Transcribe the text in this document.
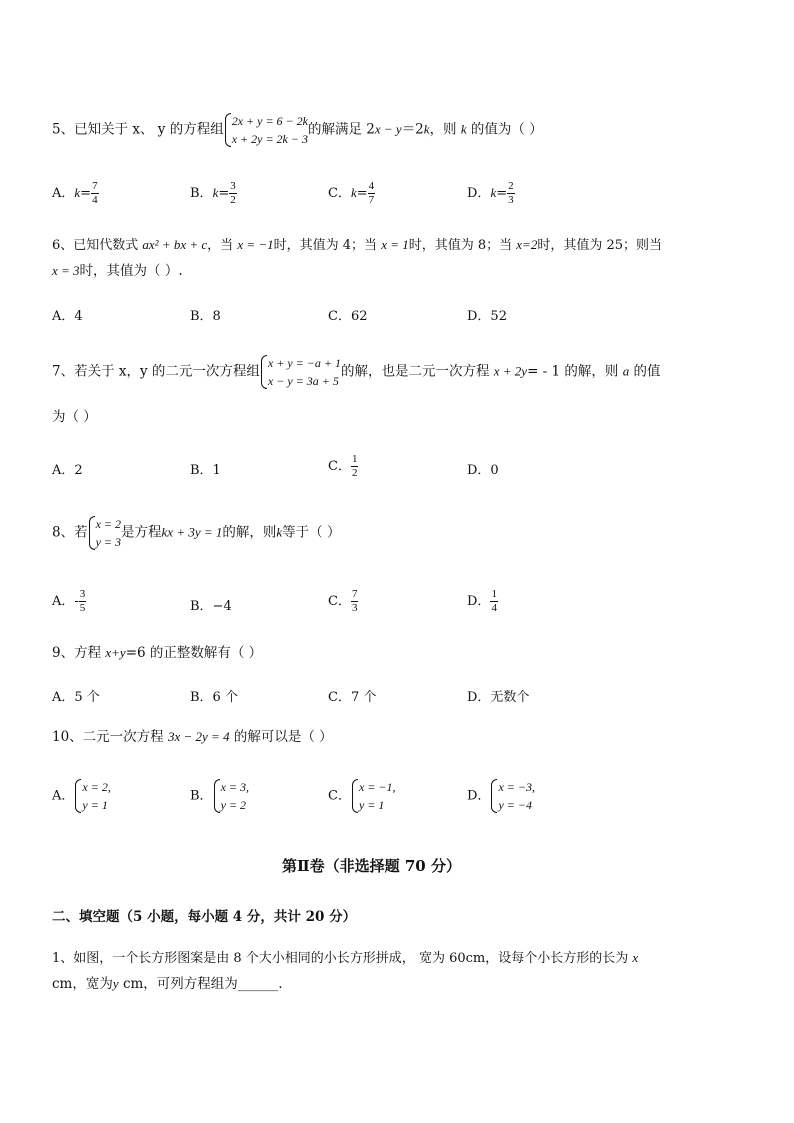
5、已知关于 x、 y 的方程组
2x + y = 6 − 2k
x + 2y = 2k − 3
的解满足 2x − y＝2k，则 k 的值为（ ）
A．$k= \frac{7}{4}$	B．$k= \frac{3}{2}$	C．$k= \frac{4}{7}$	D．$k= \frac{2}{3}$
6、已知代数式 ax² + bx + c，当 x = −1时，其值为 4；当 x = 1时，其值为 8；当 x=2时，其值为 25；则当
x = 3时，其值为（ ）.
A．4	B．8	C．62	D．52
7、若关于 x，y 的二元一次方程组
x + y = −a + 1
x − y = 3a + 5
的解，也是二元一次方程 x + 2y= - 1 的解，则 a 的值
为（ ）
A．2	B．1	C． $\frac{1}{2}$	D．0
8、若
x = 2
y = 3
是方程kx + 3y = 1的解，则k等于（ ）
A．- $\frac{3}{5}$	B．−4	C． $\frac{7}{3}$	D． $\frac{1}{4}$
9、方程 x+y=6 的正整数解有（ ）
A．5 个	B．6 个	C．7 个	D．无数个
10、二元一次方程 3x − 2y = 4 的解可以是（ ）
A．
x = 2,
y = 1
B．
x = 3,
y = 2
C．
x = −1,
y = 1
D．
x = −3,
y = −4
第Ⅱ卷（非选择题 70 分）
二、填空题（5 小题，每小题 4 分，共计 20 分）
1、如图，一个长方形图案是由 8 个大小相同的小长方形拼成， 宽为 60cm，设每个小长方形的长为 x
cm，宽为y cm，可列方程组为______.
